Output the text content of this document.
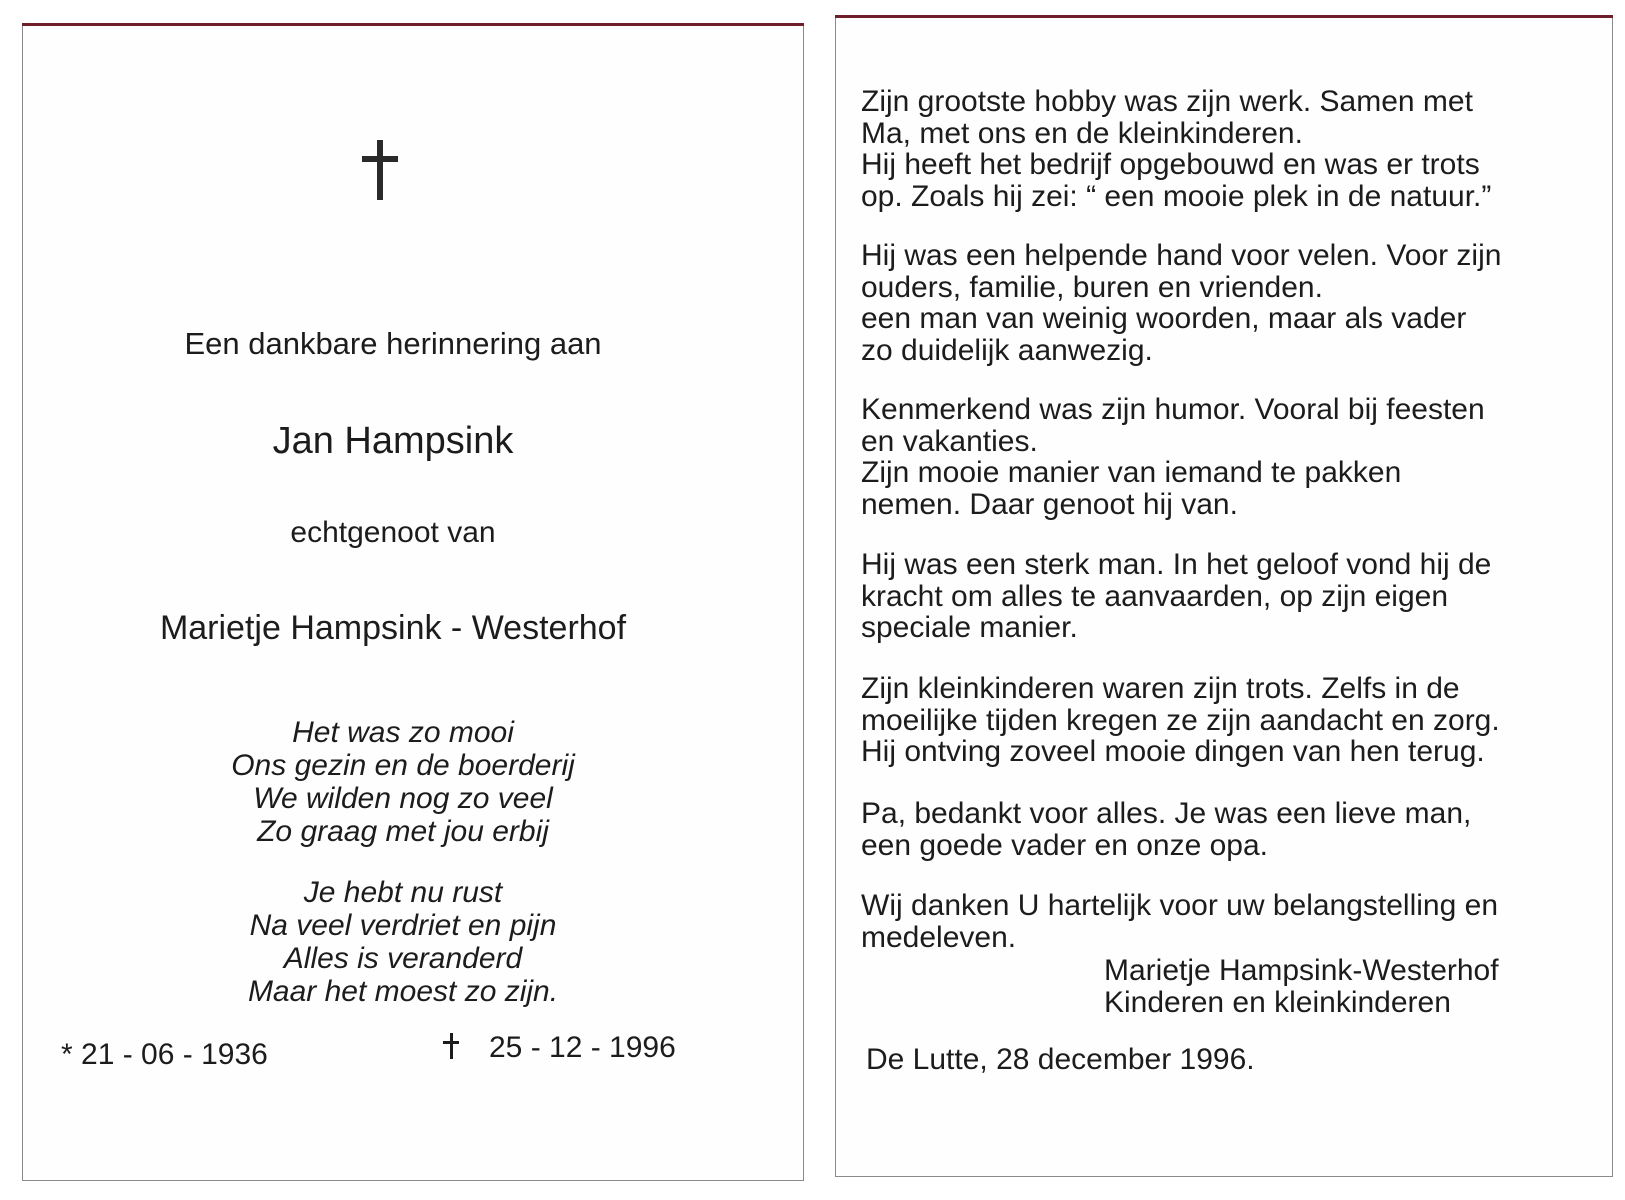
Een dankbare herinnering aan
Jan Hampsink
echtgenoot van
Marietje Hampsink - Westerhof
Het was zo mooi
Ons gezin en de boerderij
We wilden nog zo veel
Zo graag met jou erbij
Je hebt nu rust
Na veel verdriet en pijn
Alles is veranderd
Maar het moest zo zijn.
* 21 - 06 - 1936	25 - 12 - 1996
Zijn grootste hobby was zijn werk. Samen met
Ma, met ons en de kleinkinderen.
Hij heeft het bedrijf opgebouwd en was er trots
op. Zoals hij zei: “ een mooie plek in de natuur.”
Hij was een helpende hand voor velen. Voor zijn
ouders, familie, buren en vrienden.
een man van weinig woorden, maar als vader
zo duidelijk aanwezig.
Kenmerkend was zijn humor. Vooral bij feesten
en vakanties.
Zijn mooie manier van iemand te pakken
nemen. Daar genoot hij van.
Hij was een sterk man. In het geloof vond hij de
kracht om alles te aanvaarden, op zijn eigen
speciale manier.
Zijn kleinkinderen waren zijn trots. Zelfs in de
moeilijke tijden kregen ze zijn aandacht en zorg.
Hij ontving zoveel mooie dingen van hen terug.
Pa, bedankt voor alles. Je was een lieve man,
een goede vader en onze opa.
Wij danken U hartelijk voor uw belangstelling en
medeleven.
Marietje Hampsink-Westerhof
Kinderen en kleinkinderen
De Lutte, 28 december 1996.
